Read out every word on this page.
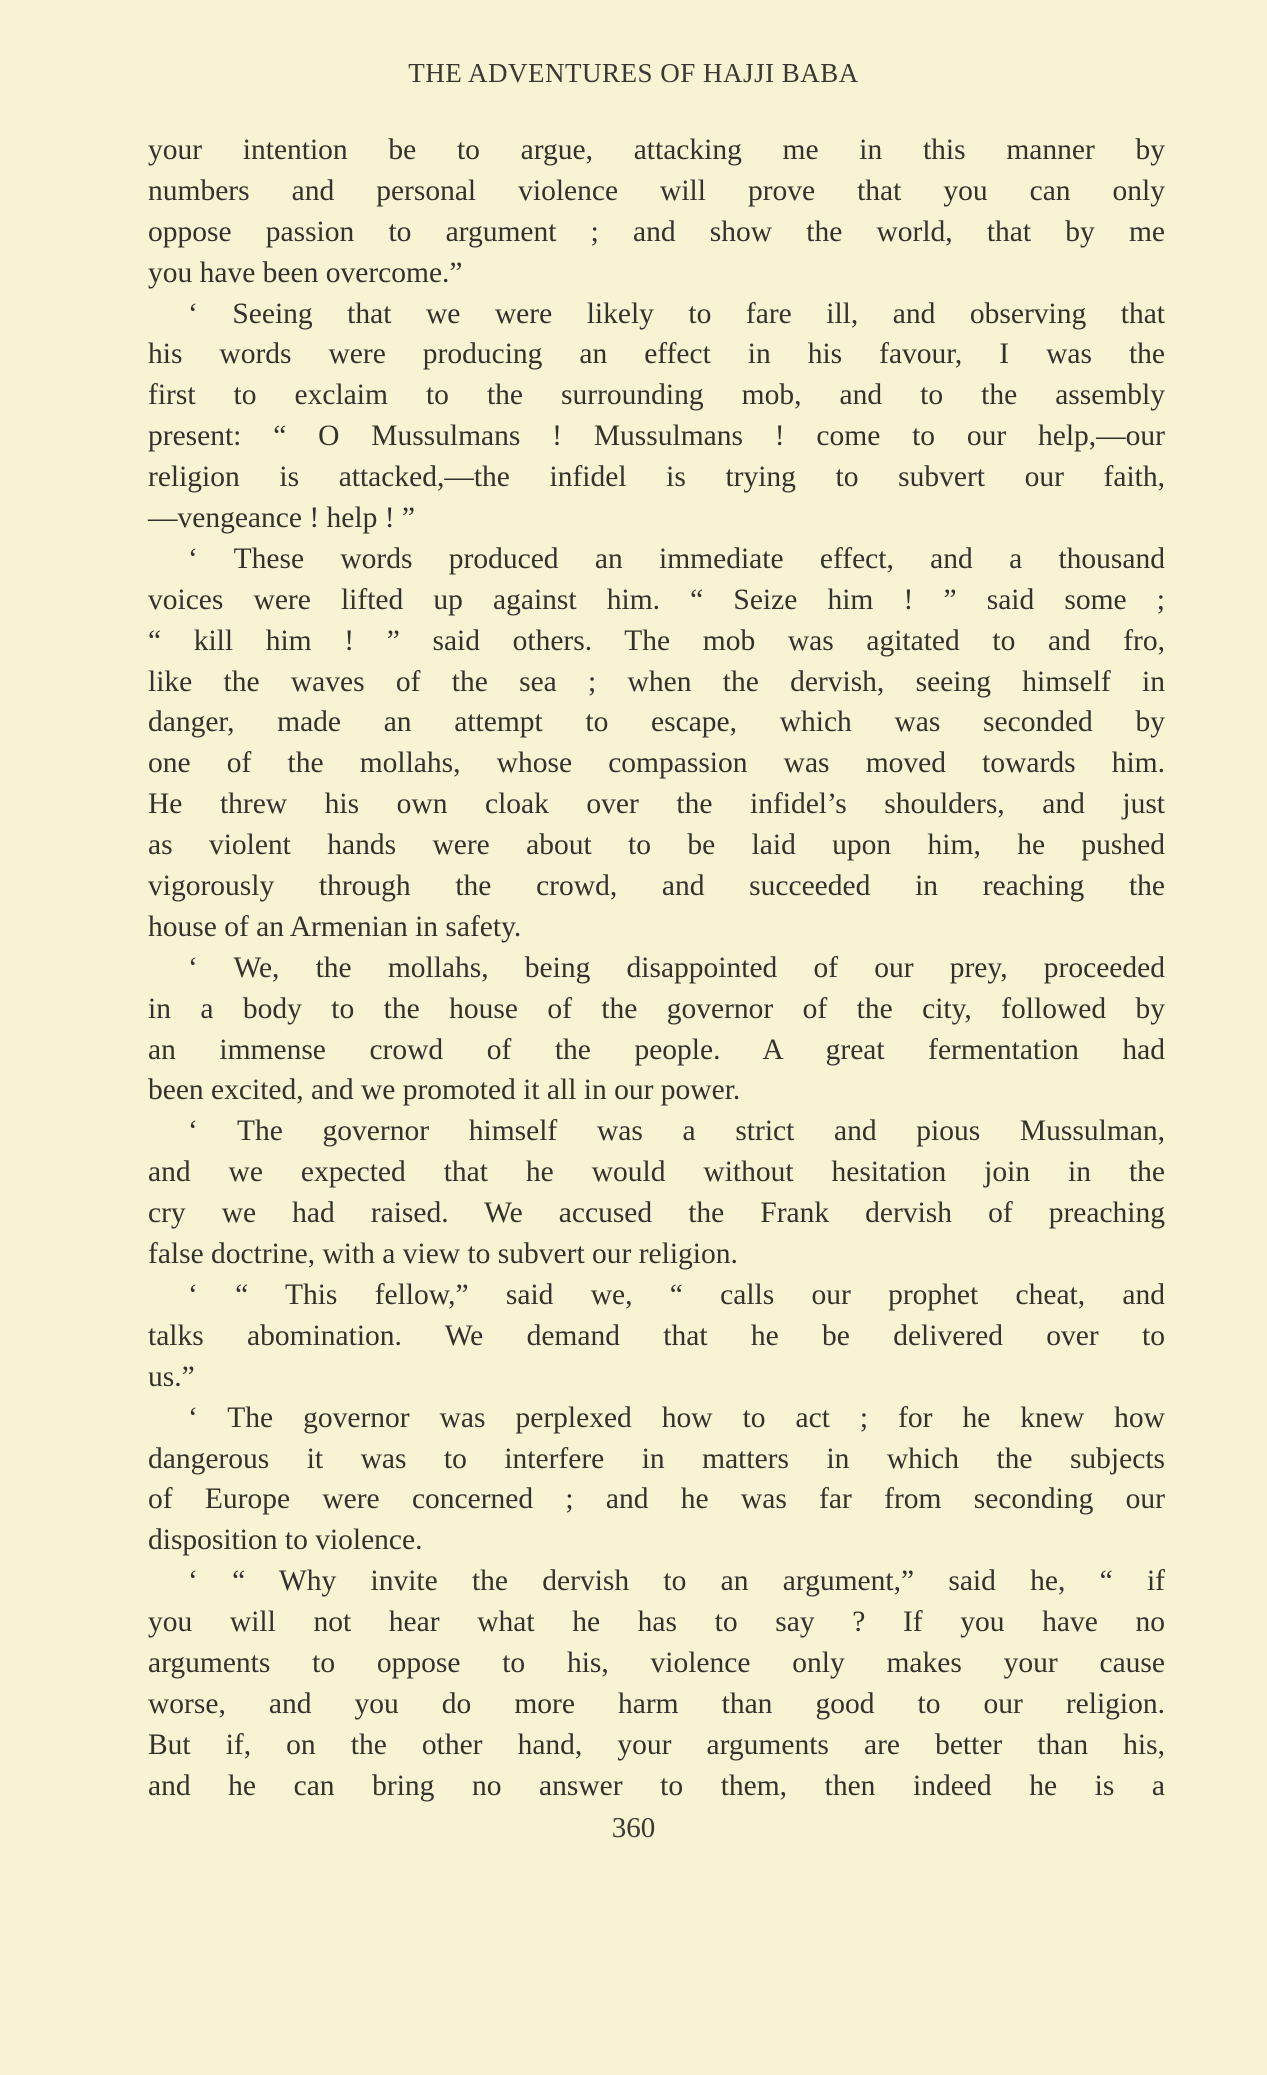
THE ADVENTURES OF HAJJI BABA
your intention be to argue, attacking me in this manner by
numbers and personal violence will prove that you can only
oppose passion to argument ; and show the world, that by me
you have been overcome.”
‘ Seeing that we were likely to fare ill, and observing that
his words were producing an effect in his favour, I was the
first to exclaim to the surrounding mob, and to the assembly
present: “ O Mussulmans ! Mussulmans ! come to our help,—our
religion is attacked,—the infidel is trying to subvert our faith,
—vengeance ! help ! ”
‘ These words produced an immediate effect, and a thousand
voices were lifted up against him. “ Seize him ! ” said some ;
“ kill him ! ” said others. The mob was agitated to and fro,
like the waves of the sea ; when the dervish, seeing himself in
danger, made an attempt to escape, which was seconded by
one of the mollahs, whose compassion was moved towards him.
He threw his own cloak over the infidel’s shoulders, and just
as violent hands were about to be laid upon him, he pushed
vigorously through the crowd, and succeeded in reaching the
house of an Armenian in safety.
‘ We, the mollahs, being disappointed of our prey, proceeded
in a body to the house of the governor of the city, followed by
an immense crowd of the people. A great fermentation had
been excited, and we promoted it all in our power.
‘ The governor himself was a strict and pious Mussulman,
and we expected that he would without hesitation join in the
cry we had raised. We accused the Frank dervish of preaching
false doctrine, with a view to subvert our religion.
‘ “ This fellow,” said we, “ calls our prophet cheat, and
talks abomination. We demand that he be delivered over to
us.”
‘ The governor was perplexed how to act ; for he knew how
dangerous it was to interfere in matters in which the subjects
of Europe were concerned ; and he was far from seconding our
disposition to violence.
‘ “ Why invite the dervish to an argument,” said he, “ if
you will not hear what he has to say ? If you have no
arguments to oppose to his, violence only makes your cause
worse, and you do more harm than good to our religion.
But if, on the other hand, your arguments are better than his,
and he can bring no answer to them, then indeed he is a
360
